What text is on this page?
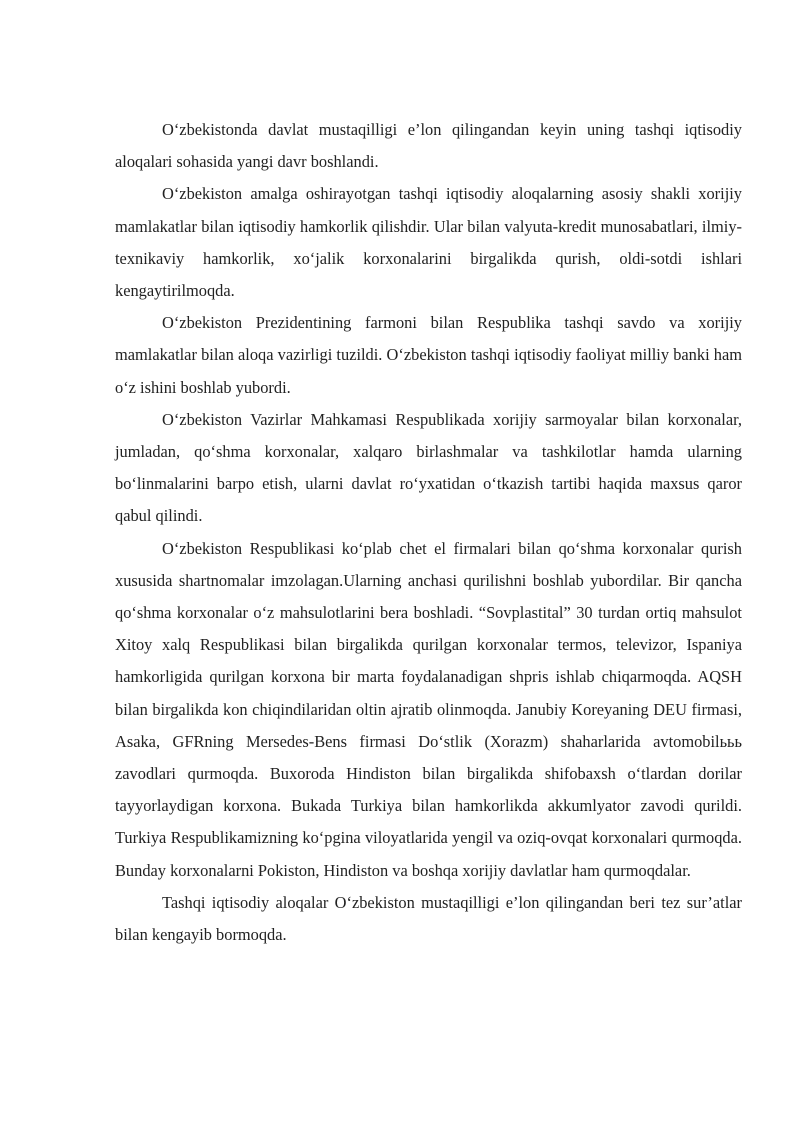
O‘zbekistonda davlat mustaqilligi e’lon qilingandan keyin uning tashqi iqtisodiy aloqalari sohasida yangi davr boshlandi.

O‘zbekiston amalga oshirayotgan tashqi iqtisodiy aloqalarning asosiy shakli xorijiy mamlakatlar bilan iqtisodiy hamkorlik qilishdir. Ular bilan valyuta-kredit munosabatlari, ilmiy-texnikaviy hamkorlik, xo‘jalik korxonalarini birgalikda qurish, oldi-sotdi ishlari kengaytirilmoqda.

O‘zbekiston Prezidentining farmoni bilan Respublika tashqi savdo va xorijiy mamlakatlar bilan aloqa vazirligi tuzildi. O‘zbekiston tashqi iqtisodiy faoliyat milliy banki ham o‘z ishini boshlab yubordi.

O‘zbekiston Vazirlar Mahkamasi Respublikada xorijiy sarmoyalar bilan korxonalar, jumladan, qo‘shma korxonalar, xalqaro birlashmalar va tashkilotlar hamda ularning bo‘linmalarini barpo etish, ularni davlat ro‘yxatidan o‘tkazish tartibi haqida maxsus qaror qabul qilindi.

O‘zbekiston Respublikasi ko‘plab chet el firmalari bilan qo‘shma korxonalar qurish xususida shartnomalar imzolagan.Ularning anchasi qurilishni boshlab yubordilar. Bir qancha qo‘shma korxonalar o‘z mahsulotlarini bera boshladi. “Sovplastital” 30 turdan ortiq mahsulot Xitoy xalq Respublikasi bilan birgalikda qurilgan korxonalar termos, televizor, Ispaniya hamkorligida qurilgan korxona bir marta foydalanadigan shpris ishlab chiqarmoqda. AQSH bilan birgalikda kon chiqindilaridan oltin ajratib olinmoqda. Janubiy Koreyaning DEU firmasi, Asaka, GFRning Mersedes-Bens firmasi Do‘stlik (Xorazm) shaharlarida avtomobilььь zavodlari qurmoqda. Buxoroda Hindiston bilan birgalikda shifobaxsh o‘tlardan dorilar tayyorlaydigan korxona. Bukada Turkiya bilan hamkorlikda akkumlyator zavodi qurildi. Turkiya Respublikamizning ko‘pgina viloyatlarida yengil va oziq-ovqat korxonalari qurmoqda. Bunday korxonalarni Pokiston, Hindiston va boshqa xorijiy davlatlar ham qurmoqdalar.

Tashqi iqtisodiy aloqalar O‘zbekiston mustaqilligi e’lon qilingandan beri tez sur’atlar bilan kengayib bormoqda.
